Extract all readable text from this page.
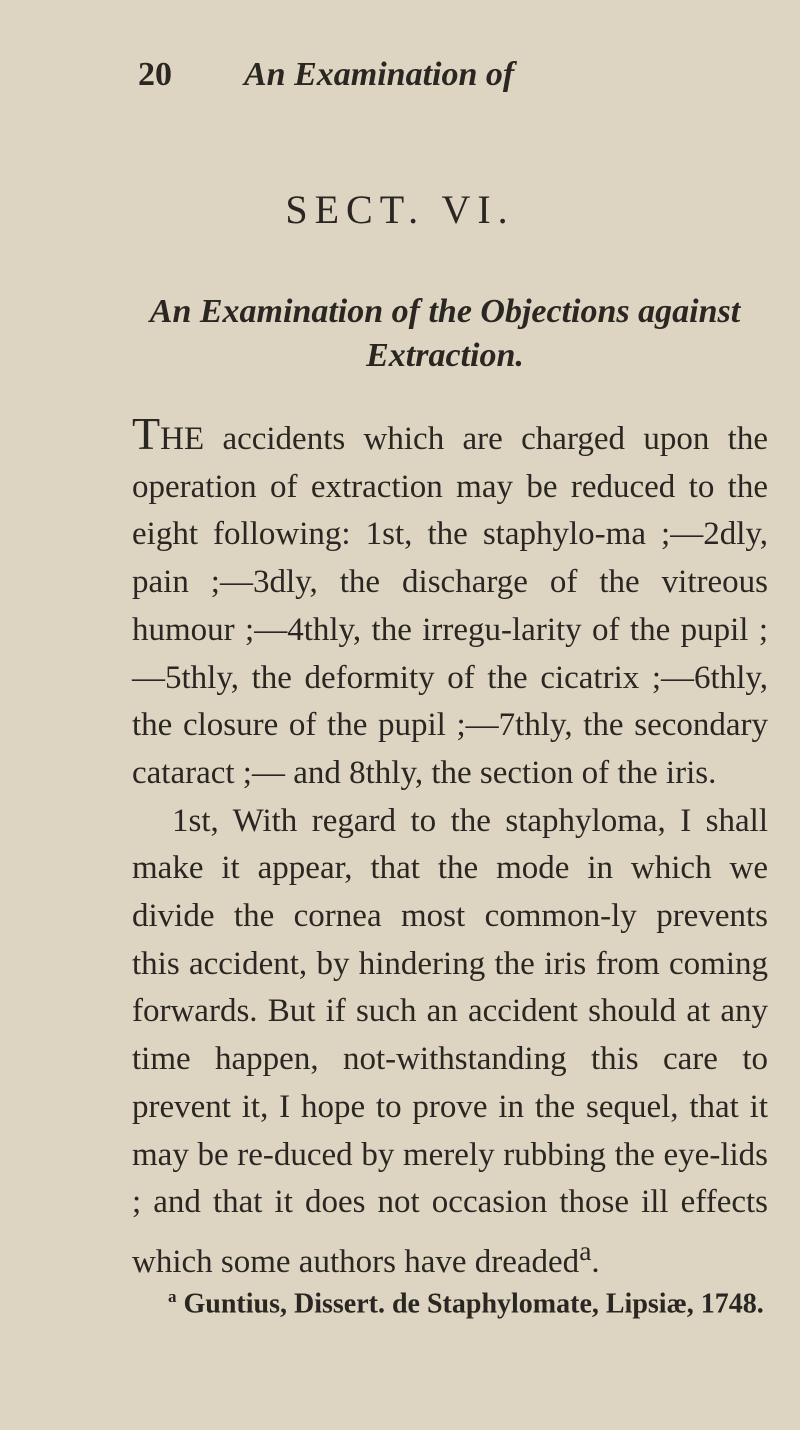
20 An Examination of
SECT. VI.
An Examination of the Objections against
Extraction.

THE accidents which are charged upon the operation of extraction may be reduced to the eight following: 1st, the staphylo-ma ;—2dly, pain ;—3dly, the discharge of the vitreous humour ;—4thly, the irregu-larity of the pupil ;—5thly, the deformity of the cicatrix ;—6thly, the closure of the pupil ;—7thly, the secondary cataract ;— and 8thly, the section of the iris.

1st, With regard to the staphyloma, I shall make it appear, that the mode in which we divide the cornea most common-ly prevents this accident, by hindering the iris from coming forwards. But if such an accident should at any time happen, not-withstanding this care to prevent it, I hope to prove in the sequel, that it may be re-duced by merely rubbing the eye-lids ; and that it does not occasion those ill effects which some authors have dreaded$^a$.

$^a$ Guntius, Dissert. de Staphylomate, Lipsiæ, 1748.
